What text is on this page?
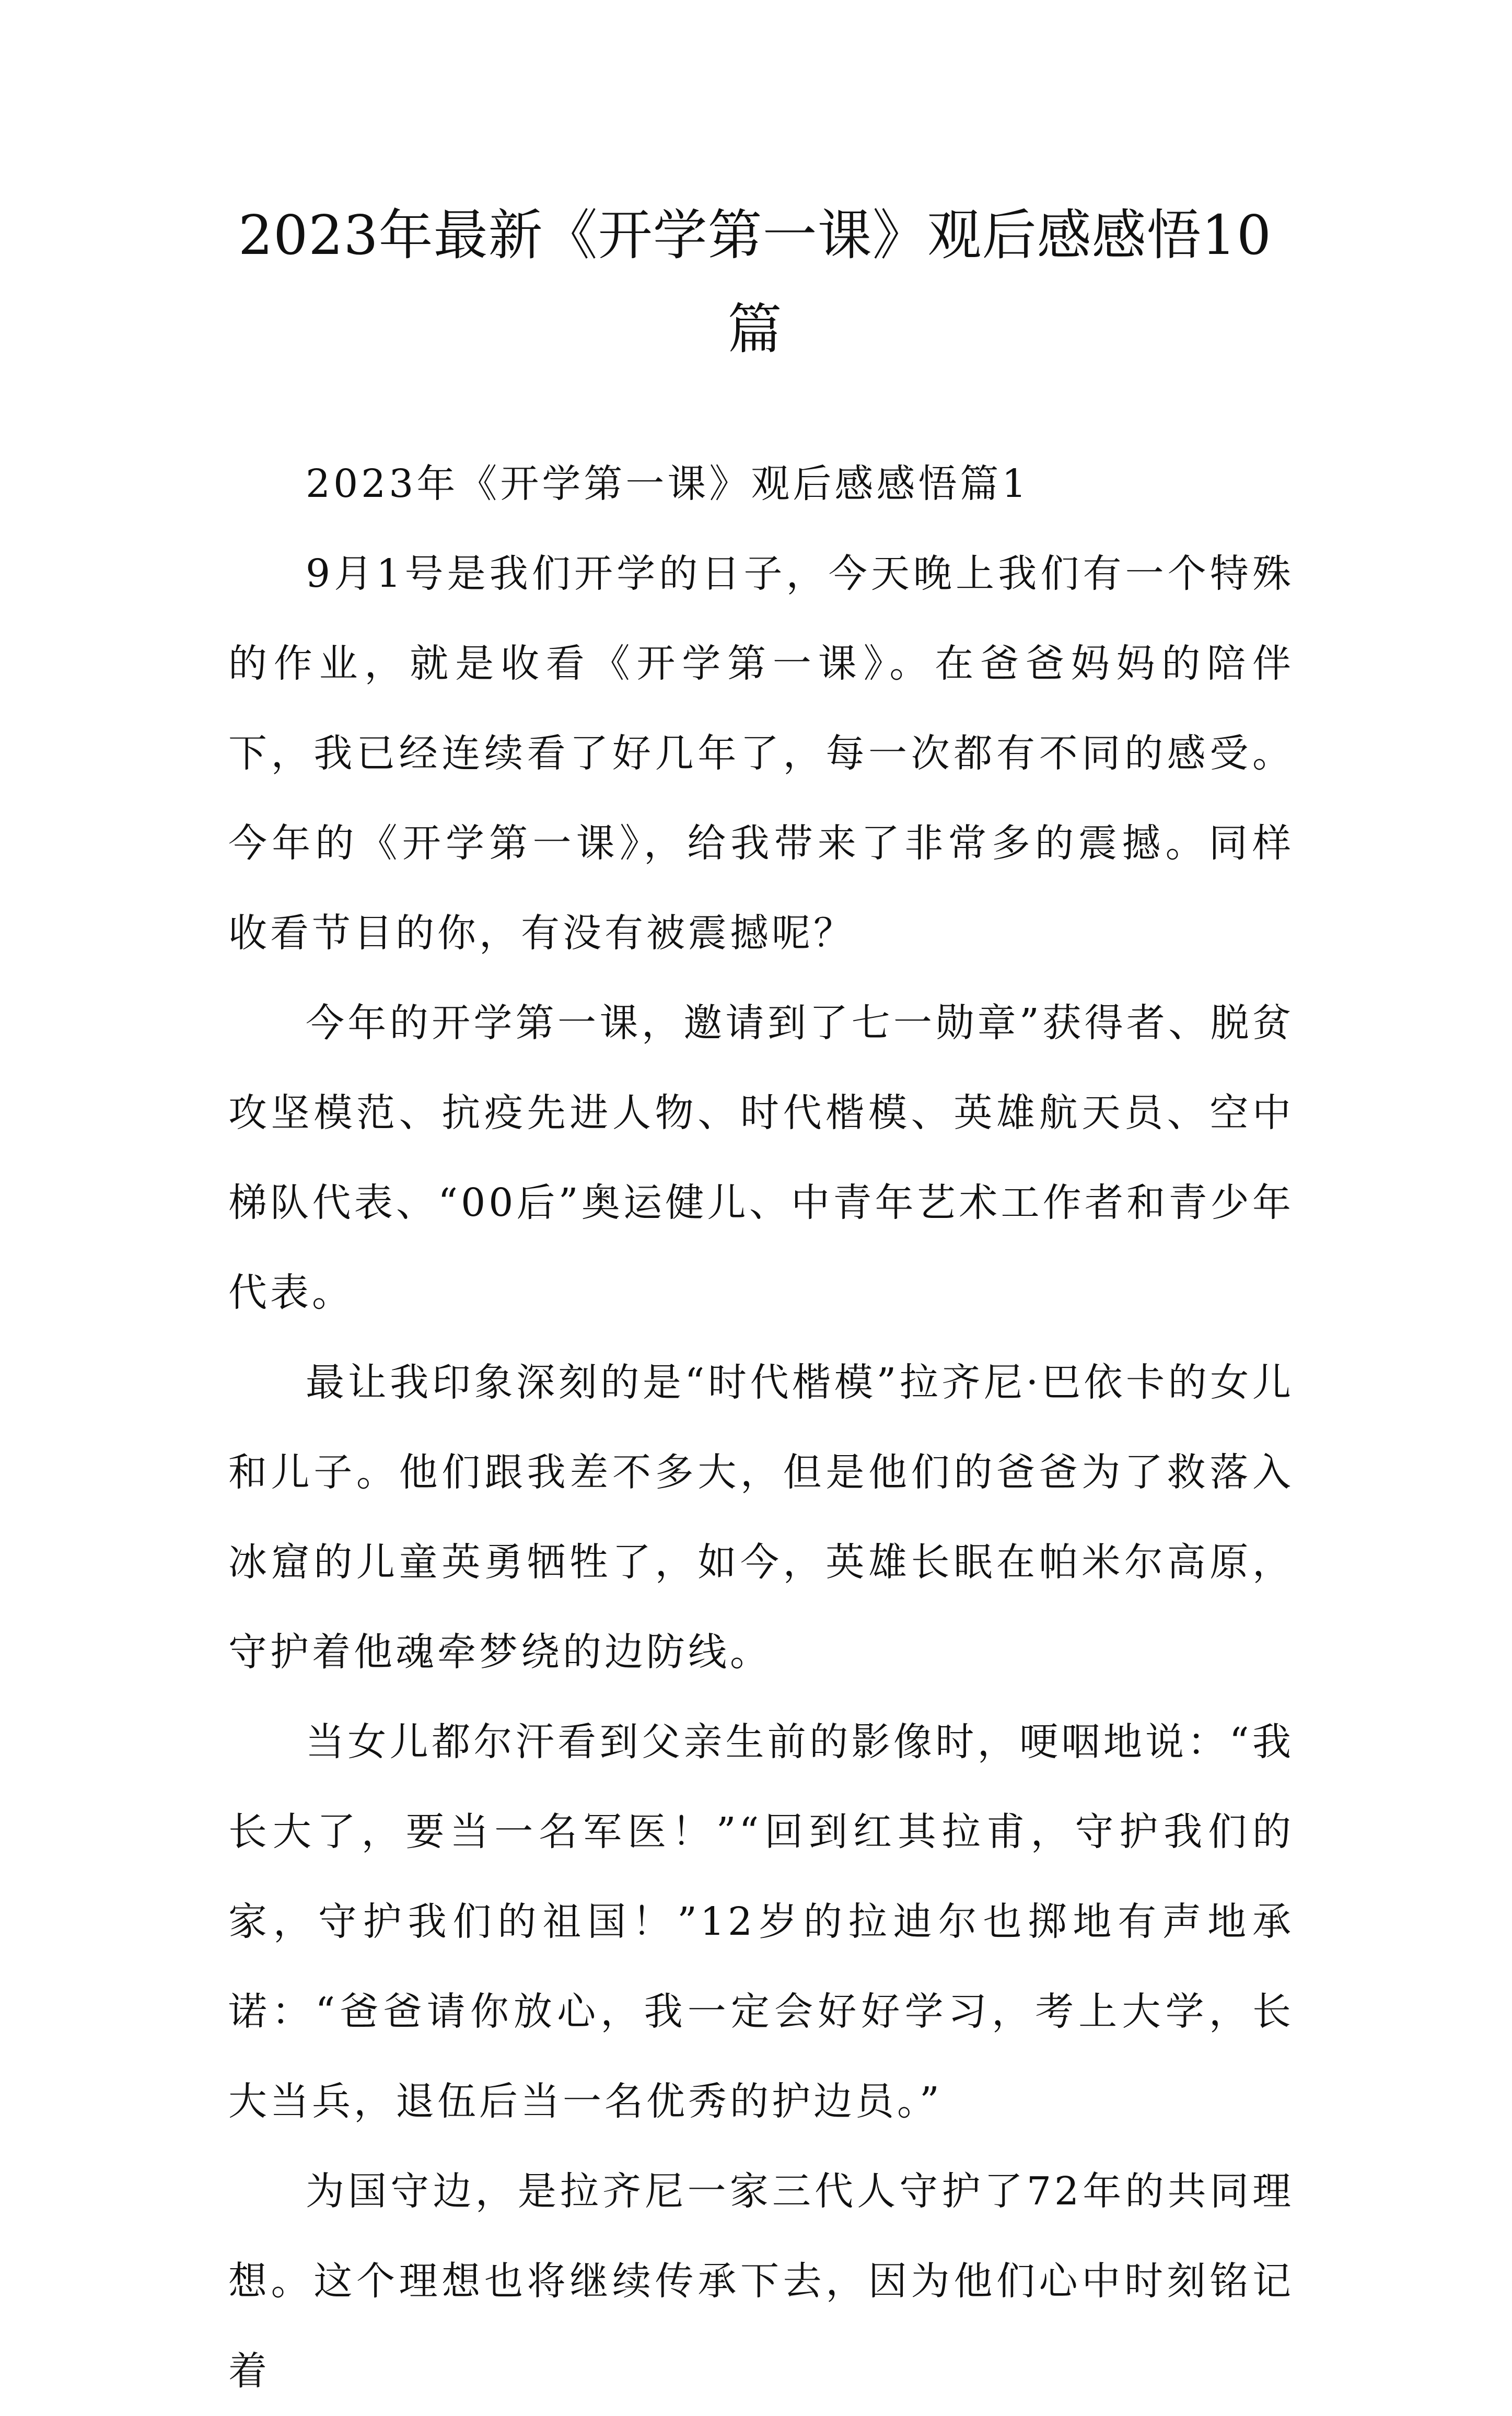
2023年最新《开学第一课》观后感感悟10篇

2023年《开学第一课》观后感感悟篇1

9月1号是我们开学的日子，今天晚上我们有一个特殊的作业，就是收看《开学第一课》。在爸爸妈妈的陪伴下，我已经连续看了好几年了，每一次都有不同的感受。今年的《开学第一课》，给我带来了非常多的震撼。同样收看节目的你，有没有被震撼呢？

今年的开学第一课，邀请到了七一勋章”获得者、脱贫攻坚模范、抗疫先进人物、时代楷模、英雄航天员、空中梯队代表、“00后”奥运健儿、中青年艺术工作者和青少年代表。

最让我印象深刻的是“时代楷模”拉齐尼·巴依卡的女儿和儿子。他们跟我差不多大，但是他们的爸爸为了救落入冰窟的儿童英勇牺牲了，如今，英雄长眠在帕米尔高原，守护着他魂牵梦绕的边防线。

当女儿都尔汗看到父亲生前的影像时，哽咽地说：“我长大了，要当一名军医！”“回到红其拉甫，守护我们的家，守护我们的祖国！”12岁的拉迪尔也掷地有声地承诺：“爸爸请你放心，我一定会好好学习，考上大学，长大当兵，退伍后当一名优秀的护边员。”

为国守边，是拉齐尼一家三代人守护了72年的共同理想。这个理想也将继续传承下去，因为他们心中时刻铭记着
